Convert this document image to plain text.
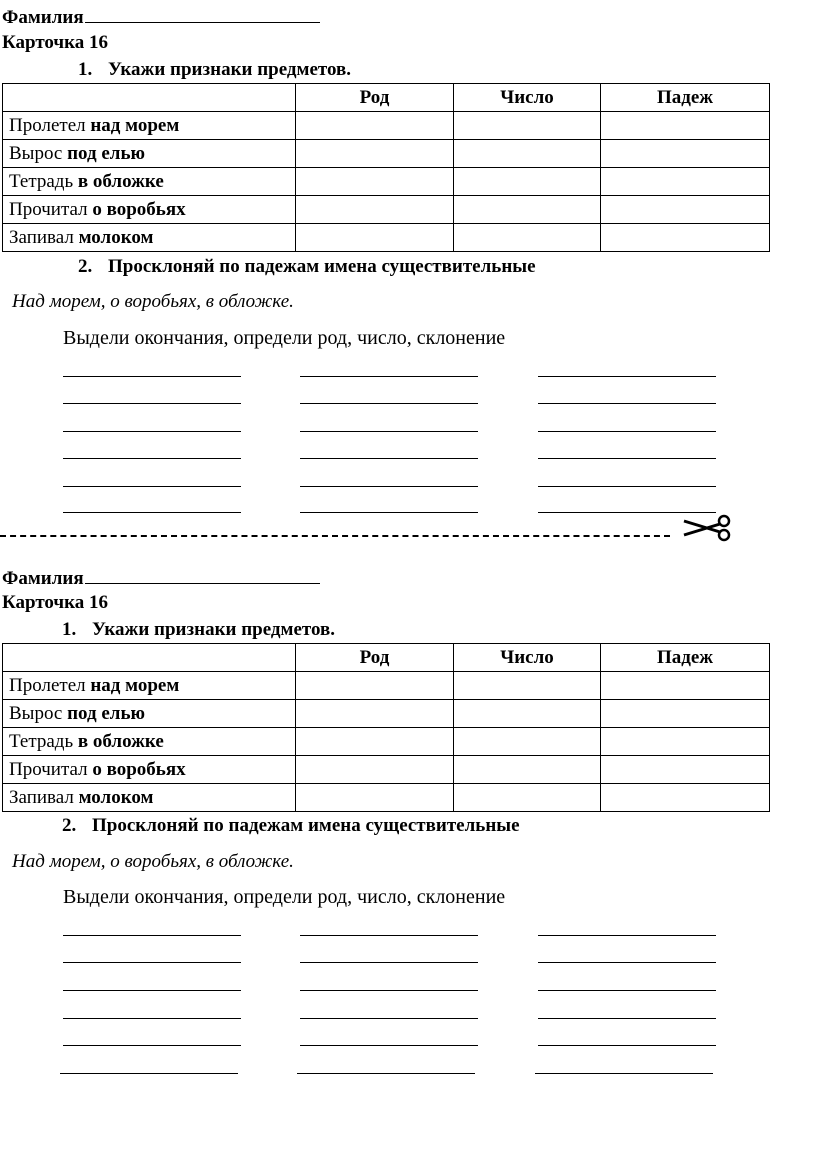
Фамилия
Карточка 16
1. Укажи признаки предметов.
	Род	Число	Падеж
Пролетел над морем			
Вырос под елью			
Тетрадь в обложке			
Прочитал о воробьях			
Запивал молоком			
2. Просклоняй по падежам имена существительные
Над морем, о воробьях, в обложке.
Выдели окончания, определи род, число, склонение
Фамилия
Карточка 16
1. Укажи признаки предметов.
	Род	Число	Падеж
Пролетел над морем			
Вырос под елью			
Тетрадь в обложке			
Прочитал о воробьях			
Запивал молоком			
2. Просклоняй по падежам имена существительные
Над морем, о воробьях, в обложке.
Выдели окончания, определи род, число, склонение
